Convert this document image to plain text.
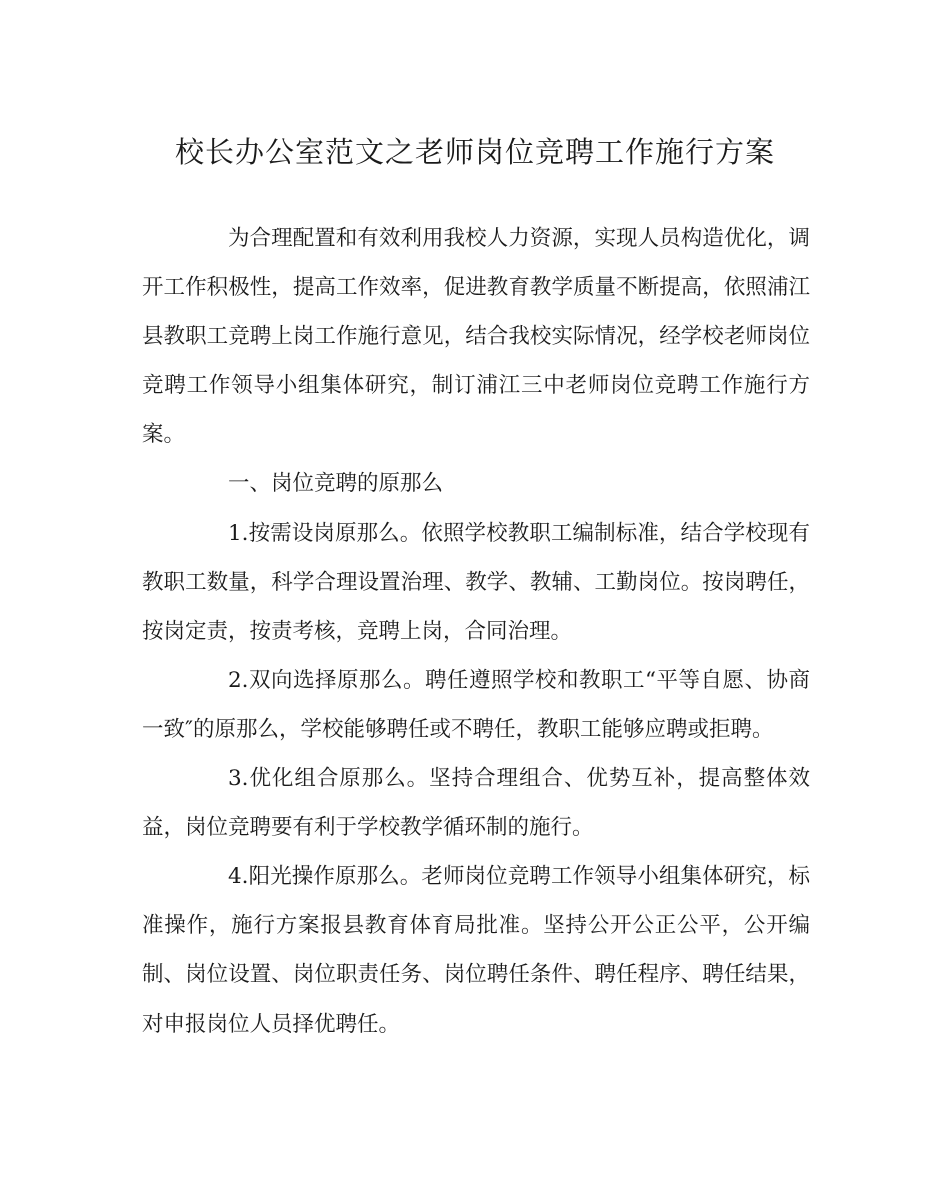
校长办公室范文之老师岗位竞聘工作施行方案

为合理配置和有效利用我校人力资源，实现人员构造优化，调开工作积极性，提高工作效率，促进教育教学质量不断提高，依照浦江县教职工竞聘上岗工作施行意见，结合我校实际情况，经学校老师岗位竞聘工作领导小组集体研究，制订浦江三中老师岗位竞聘工作施行方案。

一、岗位竞聘的原那么

1.按需设岗原那么。依照学校教职工编制标准，结合学校现有教职工数量，科学合理设置治理、教学、教辅、工勤岗位。按岗聘任，按岗定责，按责考核，竞聘上岗，合同治理。

2.双向选择原那么。聘任遵照学校和教职工“平等自愿、协商一致″的原那么，学校能够聘任或不聘任，教职工能够应聘或拒聘。

3.优化组合原那么。坚持合理组合、优势互补，提高整体效益，岗位竞聘要有利于学校教学循环制的施行。

4.阳光操作原那么。老师岗位竞聘工作领导小组集体研究，标准操作，施行方案报县教育体育局批准。坚持公开公正公平，公开编制、岗位设置、岗位职责任务、岗位聘任条件、聘任程序、聘任结果，对申报岗位人员择优聘任。
